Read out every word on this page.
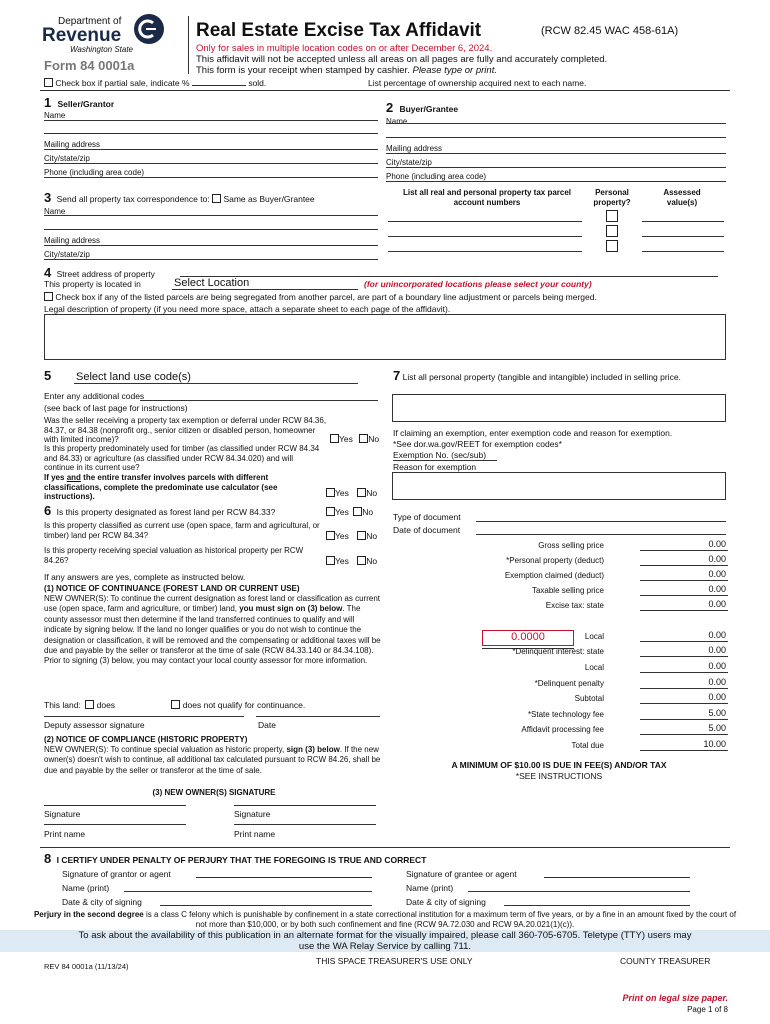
Department of
Revenue
Washington State
Form 84 0001a
Real Estate Excise Tax Affidavit	(RCW 82.45 WAC 458-61A)
Only for sales in multiple location codes on or after December 6, 2024.
This affidavit will not be accepted unless all areas on all pages are fully and accurately completed.
This form is your receipt when stamped by cashier. Please type or print.
Check box if partial sale, indicate %	sold.	List percentage of ownership acquired next to each name.
1 Seller/Grantor
Name
Mailing address
City/state/zip
Phone (including area code)
2 Buyer/Grantee
Name
Mailing address
City/state/zip
Phone (including area code)
3 Send all property tax correspondence to: Same as Buyer/Grantee
Name
Mailing address
City/state/zip
List all real and personal property tax parcel account numbers
Personal property?
Assessed value(s)
4 Street address of property
This property is located in	Select Location	(for unincorporated locations please select your county)
Check box if any of the listed parcels are being segregated from another parcel, are part of a boundary line adjustment or parcels being merged.
Legal description of property (if you need more space, attach a separate sheet to each page of the affidavit).
5 Select land use code(s)
Enter any additional codes
(see back of last page for instructions)
Was the seller receiving a property tax exemption or deferral under RCW 84.36, 84.37, or 84.38 (nonprofit org., senior citizen or disabled person, homeowner with limited income)?	Yes No
Is this property predominately used for timber (as classified under RCW 84.34 and 84.33) or agriculture (as classified under RCW 84.34.020) and will continue in its current use?
If yes and the entire transfer involves parcels with different classifications, complete the predominate use calculator (see instructions).	Yes No
6 Is this property designated as forest land per RCW 84.33?	Yes No
Is this property classified as current use (open space, farm and agricultural, or timber) land per RCW 84.34?	Yes No
Is this property receiving special valuation as historical property per RCW 84.26?	Yes No
If any answers are yes, complete as instructed below.
(1) NOTICE OF CONTINUANCE (FOREST LAND OR CURRENT USE)
NEW OWNER(S): To continue the current designation as forest land or classification as current use (open space, farm and agriculture, or timber) land, you must sign on (3) below. The county assessor must then determine if the land transferred continues to qualify and will indicate by signing below. If the land no longer qualifies or you do not wish to continue the designation or classification, it will be removed and the compensating or additional taxes will be due and payable by the seller or transferor at the time of sale (RCW 84.33.140 or 84.34.108). Prior to signing (3) below, you may contact your local county assessor for more information.
This land: does	does not qualify for continuance.
Deputy assessor signature	Date
(2) NOTICE OF COMPLIANCE (HISTORIC PROPERTY)
NEW OWNER(S): To continue special valuation as historic property, sign (3) below. If the new owner(s) doesn't wish to continue, all additional tax calculated pursuant to RCW 84.26, shall be due and payable by the seller or transferor at the time of sale.
(3) NEW OWNER(S) SIGNATURE
Signature	Signature
Print name	Print name
7 List all personal property (tangible and intangible) included in selling price.
If claiming an exemption, enter exemption code and reason for exemption. *See dor.wa.gov/REET for exemption codes*
Exemption No. (sec/sub)
Reason for exemption
Type of document
Date of document
Gross selling price	0.00
*Personal property (deduct)	0.00
Exemption claimed (deduct)	0.00
Taxable selling price	0.00
Excise tax: state	0.00
0.0000	Local	0.00
*Delinquent interest: state	0.00
Local	0.00
*Delinquent penalty	0.00
Subtotal	0.00
*State technology fee	5.00
Affidavit processing fee	5.00
Total due	10.00
A MINIMUM OF $10.00 IS DUE IN FEE(S) AND/OR TAX
*SEE INSTRUCTIONS
8 I CERTIFY UNDER PENALTY OF PERJURY THAT THE FOREGOING IS TRUE AND CORRECT
Signature of grantor or agent	Signature of grantee or agent
Name (print)	Name (print)
Date & city of signing	Date & city of signing
Perjury in the second degree is a class C felony which is punishable by confinement in a state correctional institution for a maximum term of five years, or by a fine in an amount fixed by the court of not more than $10,000, or by both such confinement and fine (RCW 9A.72.030 and RCW 9A.20.021(1)(c)).
To ask about the availability of this publication in an alternate format for the visually impaired, please call 360-705-6705. Teletype (TTY) users may use the WA Relay Service by calling 711.
REV 84 0001a (11/13/24)
THIS SPACE TREASURER'S USE ONLY	COUNTY TREASURER
Print on legal size paper.
Page 1 of 8
